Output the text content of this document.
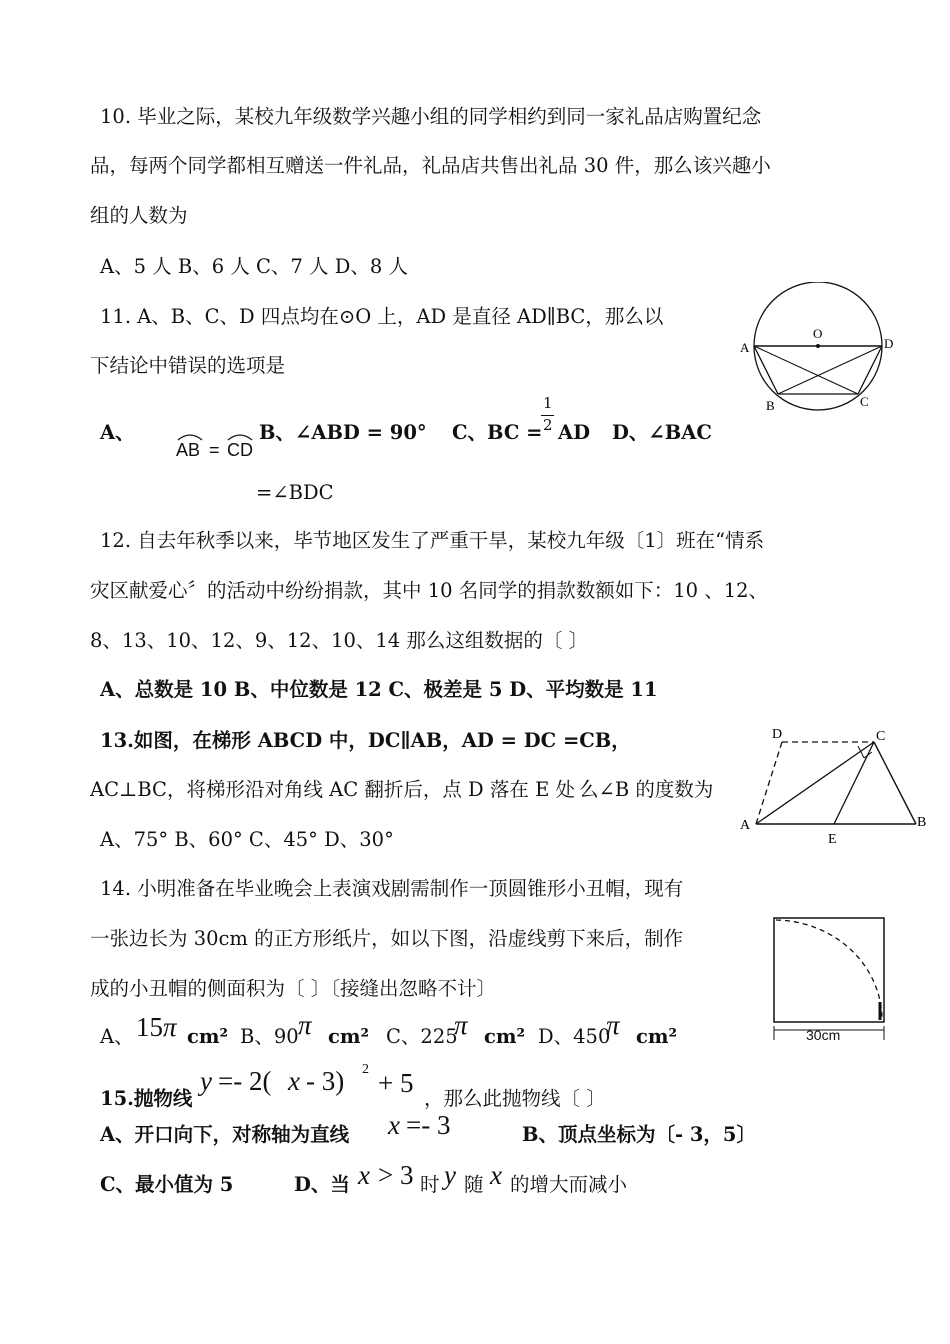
10. 毕业之际，某校九年级数学兴趣小组的同学相约到同一家礼品店购置纪念
品，每两个同学都相互赠送一件礼品，礼品店共售出礼品 30 件，那么该兴趣小
组的人数为
A、5 人 B、6 人 C、7 人 D、8 人
11. A、B、C、D 四点均在⊙O 上，AD 是直径 AD∥BC，那么以
下结论中错误的选项是
A、
AB = CD
B、∠ABD = 90° C、BC =
1
2 AD D、∠BAC
=∠BDC
O
A	D
B	C
12. 自去年秋季以来，毕节地区发生了严重干旱，某校九年级〔1〕班在“情系
灾区献爱心〞的活动中纷纷捐款，其中 10 名同学的捐款数额如下：10 、12、
8、13、10、12、9、12、10、14 那么这组数据的〔 〕
A、总数是 10 B、中位数是 12 C、极差是 5 D、平均数是 11
13.如图，在梯形 ABCD 中，DC∥AB，AD = DC =CB，
AC⊥BC，将梯形沿对角线 AC 翻折后，点 D 落在 E 处 么∠B 的度数为
A、75° B、60° C、45° D、30°
A	B
C
D
E
14. 小明准备在毕业晚会上表演戏剧需制作一顶圆锥形小丑帽，现有
一张边长为 30cm 的正方形纸片，如以下图，沿虚线剪下来后，制作
成的小丑帽的侧面积为〔 〕〔接缝出忽略不计〕
A、 15 π cm² B、90 π cm² C、225
π cm² D、450
π cm²	30cm
15.抛物线
y =- 2( x - 3) 2 + 5
，那么此抛物线〔 〕
A、开口向下，对称轴为直线 x =- 3	B、顶点坐标为〔- 3，5〕
C、最小值为 5	D、当 x > 3 时 y 随 x 的增大而减小
